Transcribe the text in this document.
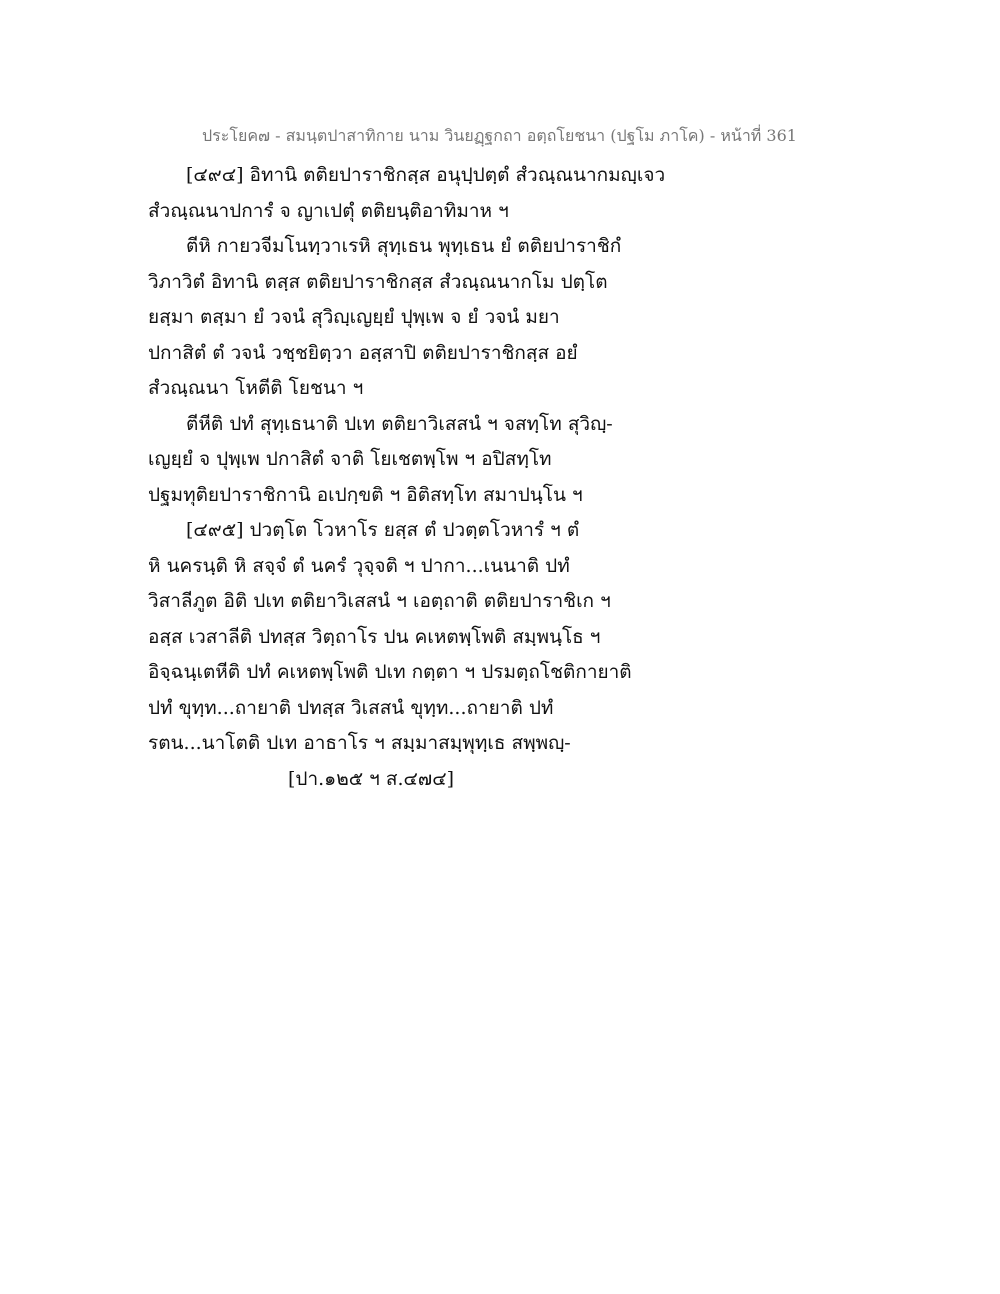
ประโยค๗ - สมนฺตปาสาทิกาย นาม วินยฏฺฐกถา อตฺถโยชนา (ปฐโม ภาโค) - หน้าที่ 361
[๔๙๔] อิทานิ ตติยปาราชิกสฺส อนุปฺปตฺตํ สํวณฺณนากมญฺเจว
สํวณฺณนาปการํ จ ญาเปตุํ ตติยนฺติอาทิมาห ฯ
ตีหิ กายวจีมโนทฺวาเรหิ สุทฺเธน พุทฺเธน ยํ ตติยปาราชิกํ
วิภาวิตํ อิทานิ ตสฺส ตติยปาราชิกสฺส สํวณฺณนากโม ปตฺโต
ยสฺมา ตสฺมา ยํ วจนํ สุวิญฺเญยฺยํ ปุพฺเพ จ ยํ วจนํ มยา
ปกาสิตํ ตํ วจนํ วชฺชยิตฺวา อสฺสาปิ ตติยปาราชิกสฺส อยํ
สํวณฺณนา โหตีติ โยชนา ฯ
ตีหีติ ปทํ สุทฺเธนาติ ปเท ตติยาวิเสสนํ ฯ จสทฺโท สุวิญฺ-
เญยฺยํ จ ปุพฺเพ ปกาสิตํ จาติ โยเชตพฺโพ ฯ อปิสทฺโท
ปฐมทุติยปาราชิกานิ อเปกฺขติ ฯ อิติสทฺโท สมาปนฺโน ฯ
[๔๙๕] ปวตฺโต โวหาโร ยสฺส ตํ ปวตฺตโวหารํ ฯ ตํ
หิ นครนฺติ หิ สจฺจํ ตํ นครํ วุจฺจติ ฯ ปากา...เนนาติ ปทํ
วิสาลีภูต อิติ ปเท ตติยาวิเสสนํ ฯ เอตฺถาติ ตติยปาราชิเก ฯ
อสฺส เวสาลีติ ปทสฺส วิตฺถาโร ปน คเหตพฺโพติ สมฺพนฺโธ ฯ
อิจฺฉนฺเตหีติ ปทํ คเหตพฺโพติ ปเท กตฺตา ฯ ปรมตฺถโชติกายาติ
ปทํ ขุทฺท...ถายาติ ปทสฺส วิเสสนํ ขุทฺท...ถายาติ ปทํ
รตน...นาโตติ ปเท อาธาโร ฯ สมฺมาสมฺพุทฺเธ สพฺพญฺ-
[ปา.๑๒๕ ฯ ส.๔๗๔]
